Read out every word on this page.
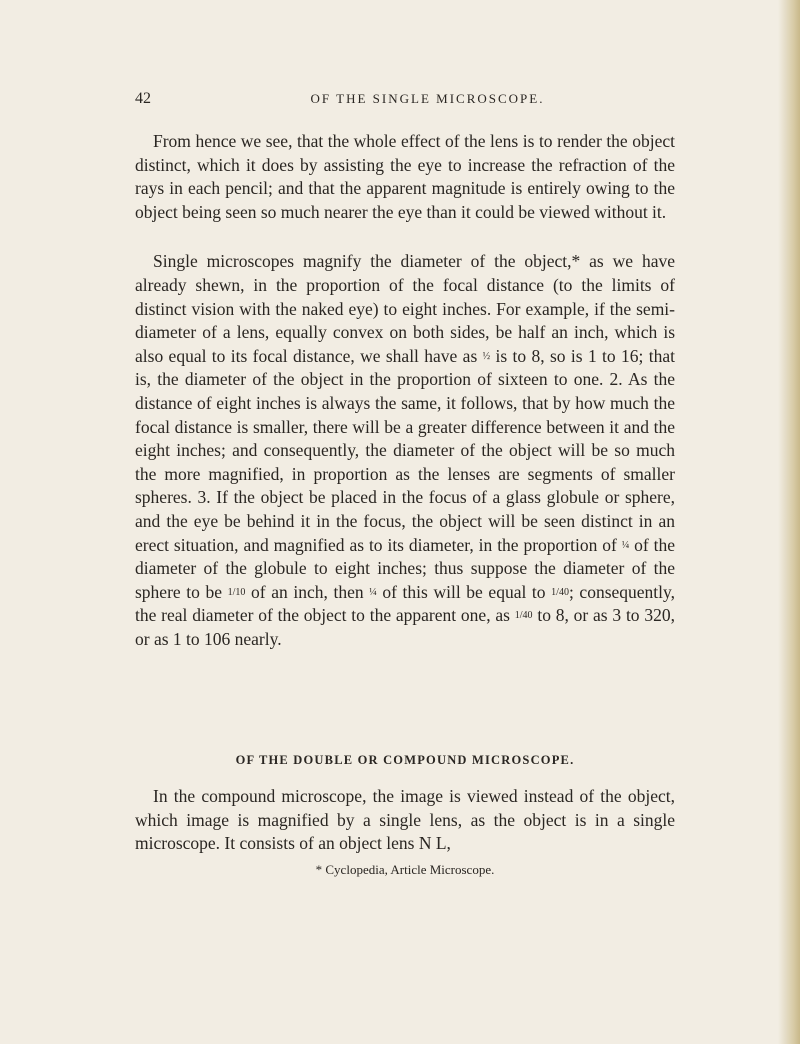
42	OF THE SINGLE MICROSCOPE.

From hence we see, that the whole effect of the lens is to render the object distinct, which it does by assisting the eye to increase the refraction of the rays in each pencil; and that the apparent magnitude is entirely owing to the object being seen so much nearer the eye than it could be viewed without it.

Single microscopes magnify the diameter of the object,* as we have already shewn, in the proportion of the focal distance (to the limits of distinct vision with the naked eye) to eight inches. For example, if the semi-diameter of a lens, equally convex on both sides, be half an inch, which is also equal to its focal distance, we shall have as ½ is to 8, so is 1 to 16; that is, the diameter of the object in the proportion of sixteen to one. 2. As the distance of eight inches is always the same, it follows, that by how much the focal distance is smaller, there will be a greater difference between it and the eight inches; and consequently, the diameter of the object will be so much the more magnified, in proportion as the lenses are segments of smaller spheres. 3. If the object be placed in the focus of a glass globule or sphere, and the eye be behind it in the focus, the object will be seen distinct in an erect situation, and magnified as to its diameter, in the proportion of ¼ of the diameter of the globule to eight inches; thus suppose the diameter of the sphere to be 1/10 of an inch, then ¼ of this will be equal to 1/40; consequently, the real diameter of the object to the apparent one, as 1/40 to 8, or as 3 to 320, or as 1 to 106 nearly.

OF THE DOUBLE OR COMPOUND MICROSCOPE.

In the compound microscope, the image is viewed instead of the object, which image is magnified by a single lens, as the object is in a single microscope. It consists of an object lens N L,

* Cyclopedia, Article Microscope.
